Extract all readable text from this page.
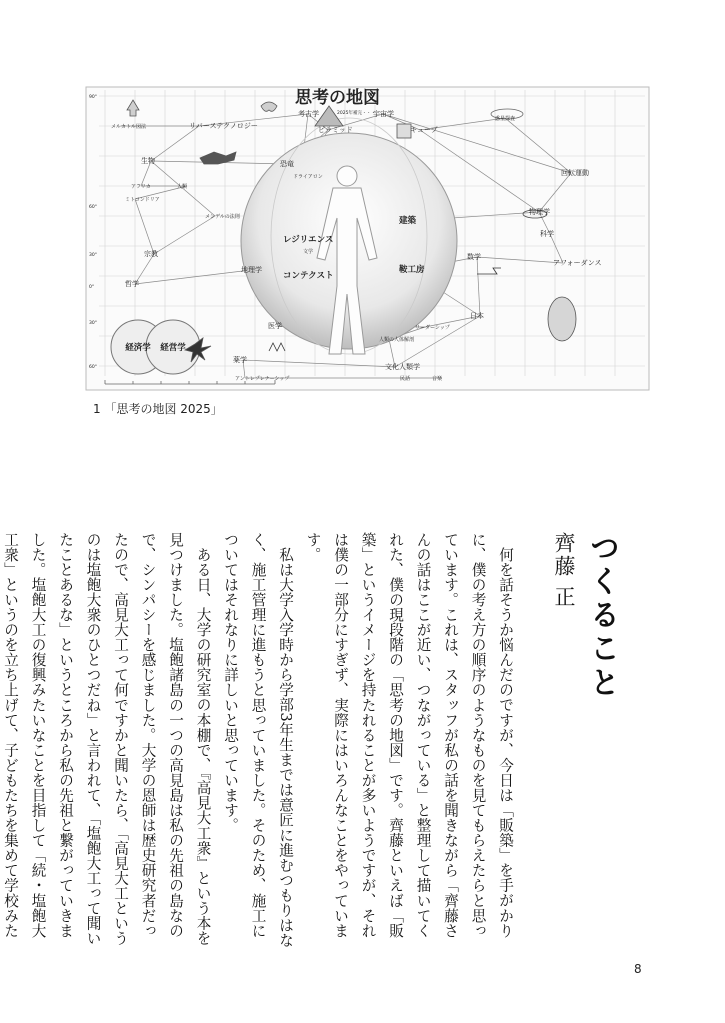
90°
60°
30°
0°
30°
60°
メルカトル図法	リバーステクノロジー
考古学
ピラミッド
宇宙学
キューブ
惑星探査
恐竜
生物
回転運動
アフリカ	人類
ミトコンドリア
ドライアロン
レジリエンス
建築
物理学
科学
メンデルの法則
宗教	文学
数学
アフォーダンス
哲学
地理学
コンテクスト
鞍工房
日本
医学	リーダーシップ
人類の人体解剖
経済学 経営学
薬学
文化人類学
アントレプレナーシップ	民話	音楽
思考の地図
2025年補完・・・
1 「思考の地図 2025」
つくること
齊藤正

何を話そうか悩んだのですが、今日は「販築」を手がかりに、僕の考え方の順序のようなものを見てもらえたらと思っています。これは、スタッフが私の話を聞きながら「齊藤さんの話はここが近い、つながっている」と整理して描いてくれた、僕の現段階の「思考の地図」です。齊藤といえば「販築」というイメージを持たれることが多いようですが、それは僕の一部分にすぎず、実際にはいろんなことをやっています。

私は大学入学時から学部3年生までは意匠に進むつもりはなく、施工管理に進もうと思っていました。そのため、施工についてはそれなりに詳しいと思っています。

ある日、大学の研究室の本棚で、『高見大工衆』という本を見つけました。塩飽諸島の一つの高見島は私の先祖の島なので、シンパシーを感じました。大学の恩師は歴史研究者だったので、高見大工って何ですかと聞いたら、「高見大工というのは塩飽大衆のひとつだね」と言われて、「塩飽大工って聞いたことあるな」というところから私の先祖と繋がっていきました。塩飽大工の復興みたいなことを目指して「続・塩飽大工衆」というのを立ち上げて、子どもたちを集めて学校みた

8
